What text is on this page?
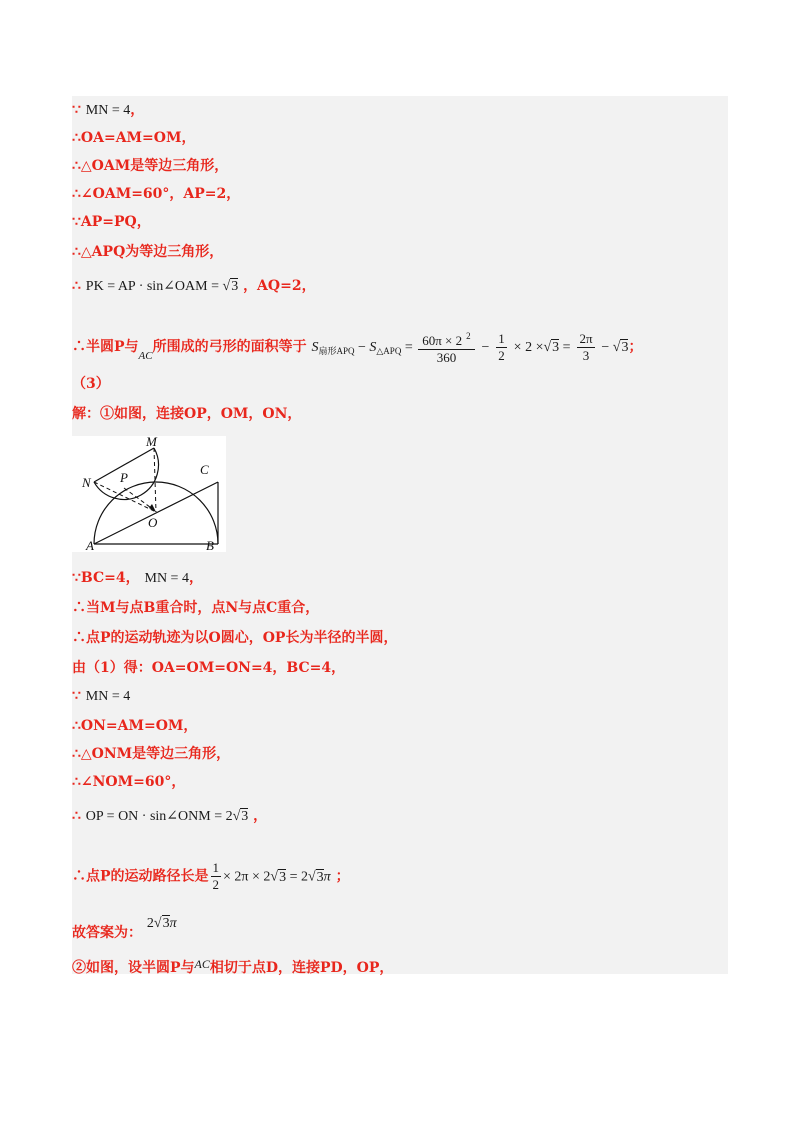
∵ MN = 4，
∴OA=AM=OM，
∴△OAM是等边三角形，
∴∠OAM=60°，AP=2，
∵AP=PQ，
∴△APQ为等边三角形，
∴ PK = AP · sin∠OAM = √3 ，AQ=2，
∴半圆P与$_{AC}$所围成的弓形的面积等于 $S_{扇形APQ} - S_{\triangle APQ} = \frac{60\pi \times 2 ^2}{360} - \frac{1}{2} \times 2 \times√3 = \frac{2\pi}{3} - √3$；
（3）
解：①如图，连接OP，OM，ON，
M
N P
C
O
A	B
∵BC=4， MN = 4，
∴当M与点B重合时，点N与点C重合，
∴点P的运动轨迹为以O圆心，OP长为半径的半圆，
由（1）得：OA=OM=ON=4，BC=4，
∵ MN = 4
∴ON=AM=OM，
∴△ONM是等边三角形，
∴∠NOM=60°，
∴ OP = ON · sin∠ONM = 2√3 ，
∴点P的运动路径长是 $\frac{1}{2} \times 2\pi \times 2√3 = 2√3\pi$ ；
故答案为： 2√3π
②如图，设半圆P与AC相切于点D，连接PD，OP，
